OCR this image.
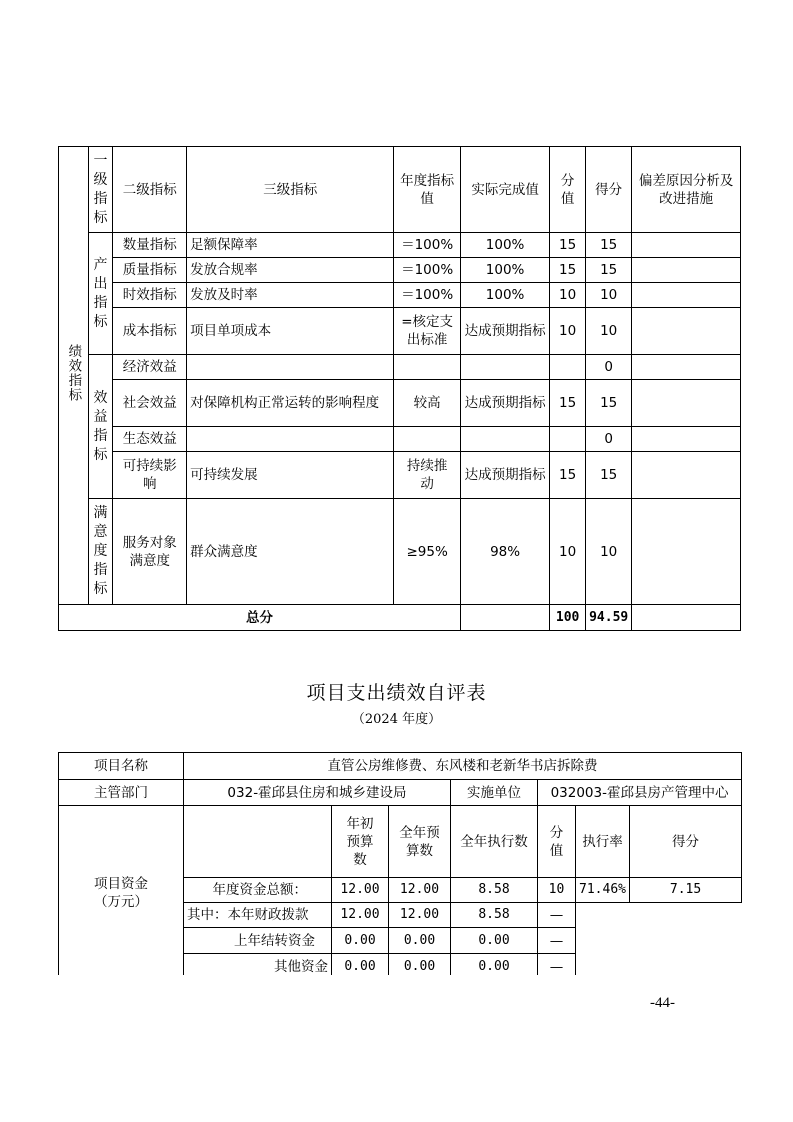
绩效指标	一级指标	二级指标	三级指标	年度指标值	实际完成值	分值	得分	偏差原因分析及改进措施
	产出指标	数量指标	足额保障率	＝100%	100%	15	15	
		质量指标	发放合规率	＝100%	100%	15	15	
		时效指标	发放及时率	＝100%	100%	10	10	
		成本指标	项目单项成本	=核定支出标准	达成预期指标	10	10	
	效益指标	经济效益					0	
		社会效益	对保障机构正常运转的影响程度	较高	达成预期指标	15	15	
		生态效益					0	
		可持续影响	可持续发展	持续推动	达成预期指标	15	15	
	满意度指标	服务对象满意度	群众满意度	≥95%	98%	10	10	
总分						100	94.59	
项目支出绩效自评表
（2024 年度）
项目名称	直管公房维修费、东风楼和老新华书店拆除费						
主管部门	032-霍邱县住房和城乡建设局			实施单位	032003-霍邱县房产管理中心		
项目资金（万元）		年初预算数	全年预算数	全年执行数	分值	执行率	得分
	年度资金总额：	12.00	12.00	8.58	10	71.46%	7.15
	其中：本年财政拨款	12.00	12.00	8.58	—		
	上年结转资金	0.00	0.00	0.00	—		
	其他资金	0.00	0.00	0.00	—		
-44-
